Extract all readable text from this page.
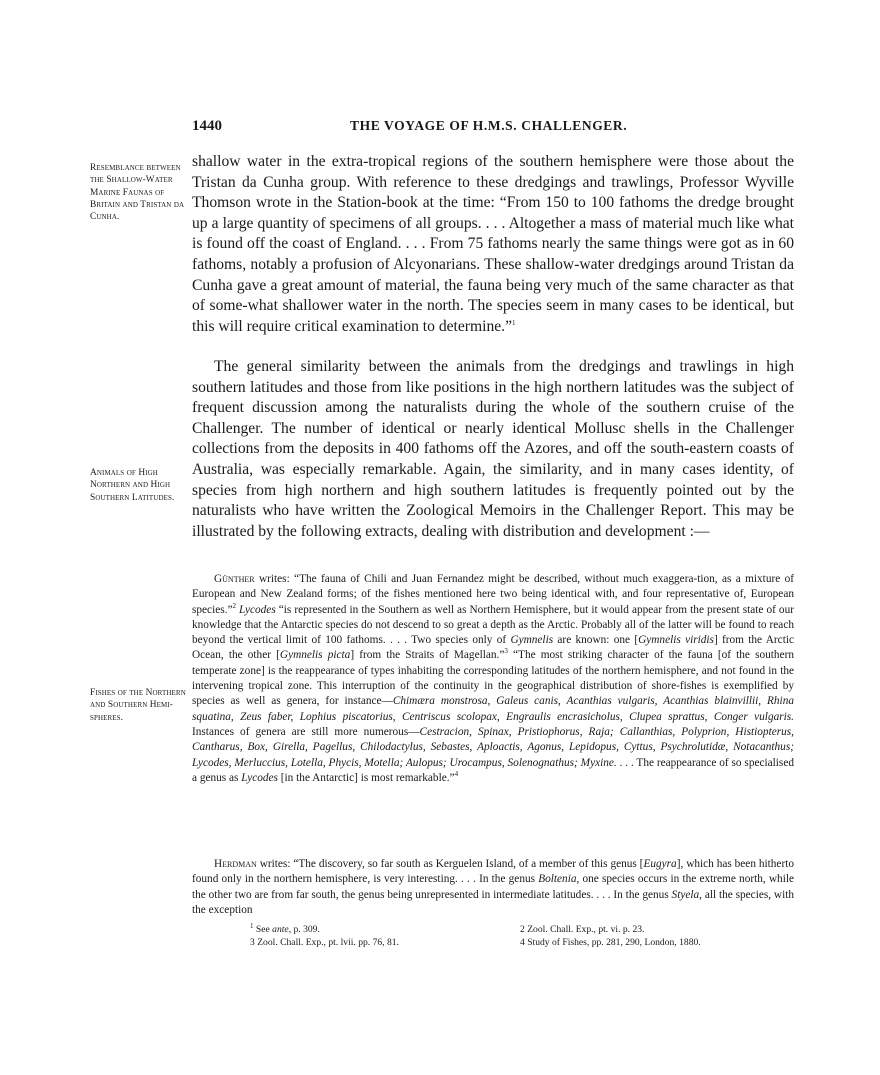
1440	THE VOYAGE OF H.M.S. CHALLENGER.
Resemblance between the Shallow-Water Marine Faunas of Britain and Tristan da Cunha.
Animals of High Northern and High Southern Latitudes.
Fishes of the Northern and Southern Hemi-spheres.

shallow water in the extra-tropical regions of the southern hemisphere were those about the Tristan da Cunha group. With reference to these dredgings and trawlings, Professor Wyville Thomson wrote in the Station-book at the time: “From 150 to 100 fathoms the dredge brought up a large quantity of specimens of all groups. . . . Altogether a mass of material much like what is found off the coast of England. . . . From 75 fathoms nearly the same things were got as in 60 fathoms, notably a profusion of Alcyonarians. These shallow-water dredgings around Tristan da Cunha gave a great amount of material, the fauna being very much of the same character as that of some-what shallower water in the north. The species seem in many cases to be identical, but this will require critical examination to determine.”$^1$

The general similarity between the animals from the dredgings and trawlings in high southern latitudes and those from like positions in the high northern latitudes was the subject of frequent discussion among the naturalists during the whole of the southern cruise of the Challenger. The number of identical or nearly identical Mollusc shells in the Challenger collections from the deposits in 400 fathoms off the Azores, and off the south-eastern coasts of Australia, was especially remarkable. Again, the similarity, and in many cases identity, of species from high northern and high southern latitudes is frequently pointed out by the naturalists who have written the Zoological Memoirs in the Challenger Report. This may be illustrated by the following extracts, dealing with distribution and development :—

Günther writes: “The fauna of Chili and Juan Fernandez might be described, without much exaggera-tion, as a mixture of European and New Zealand forms; of the fishes mentioned here two being identical with, and four representative of, European species.”$^2$ Lycodes “is represented in the Southern as well as Northern Hemisphere, but it would appear from the present state of our knowledge that the Antarctic species do not descend to so great a depth as the Arctic. Probably all of the latter will be found to reach beyond the vertical limit of 100 fathoms. . . . Two species only of Gymnelis are known: one [Gymnelis viridis] from the Arctic Ocean, the other [Gymnelis picta] from the Straits of Magellan.”$^3$ “The most striking character of the fauna [of the southern temperate zone] is the reappearance of types inhabiting the corresponding latitudes of the northern hemisphere, and not found in the intervening tropical zone. This interruption of the continuity in the geographical distribution of shore-fishes is exemplified by species as well as genera, for instance—Chimæra monstrosa, Galeus canis, Acanthias vulgaris, Acanthias blainvillii, Rhina squatina, Zeus faber, Lophius piscatorius, Centriscus scolopax, Engraulis encrasicholus, Clupea sprattus, Conger vulgaris. Instances of genera are still more numerous—Cestracion, Spinax, Pristiophorus, Raja; Callanthias, Polyprion, Histiopterus, Cantharus, Box, Girella, Pagellus, Chilodactylus, Sebastes, Aploactis, Agonus, Lepidopus, Cyttus, Psychrolutidæ, Notacanthus; Lycodes, Merluccius, Lotella, Phycis, Motella; Aulopus; Urocampus, Solenognathus; Myxine. . . . The reappearance of so specialised a genus as Lycodes [in the Antarctic] is most remarkable.”$^4$

Herdman writes: “The discovery, so far south as Kerguelen Island, of a member of this genus [Eugyra], which has been hitherto found only in the northern hemisphere, is very interesting. . . . In the genus Boltenia, one species occurs in the extreme north, while the other two are from far south, the genus being unrepresented in intermediate latitudes. . . . In the genus Styela, all the species, with the exception

$^1$ See ante, p. 309.	2 Zool. Chall. Exp., pt. vi. p. 23.
3 Zool. Chall. Exp., pt. lvii. pp. 76, 81.	4 Study of Fishes, pp. 281, 290, London, 1880.
